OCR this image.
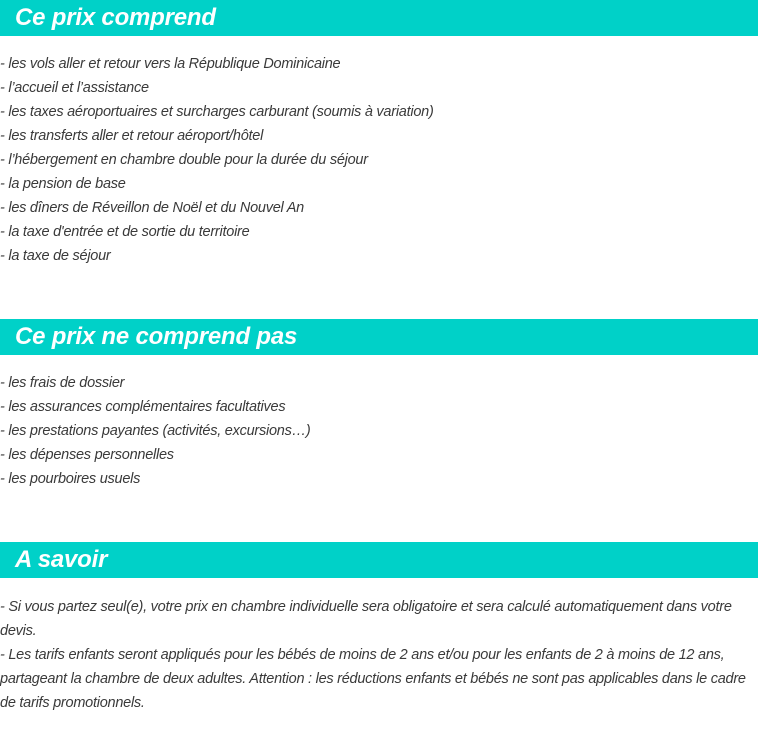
Ce prix comprend
- les vols aller et retour vers la République Dominicaine
- l’accueil et l’assistance
- les taxes aéroportuaires et surcharges carburant (soumis à variation)
- les transferts aller et retour aéroport/hôtel
- l’hébergement en chambre double pour la durée du séjour
- la pension de base
- les dîners de Réveillon de Noël et du Nouvel An
- la taxe d'entrée et de sortie du territoire
- la taxe de séjour
Ce prix ne comprend pas
- les frais de dossier
- les assurances complémentaires facultatives
- les prestations payantes (activités, excursions…)
- les dépenses personnelles
- les pourboires usuels
A savoir

- Si vous partez seul(e), votre prix en chambre individuelle sera obligatoire et sera calculé automatiquement dans votre devis.

- Les tarifs enfants seront appliqués pour les bébés de moins de 2 ans et/ou pour les enfants de 2 à moins de 12 ans, partageant la chambre de deux adultes. Attention : les réductions enfants et bébés ne sont pas applicables dans le cadre de tarifs promotionnels.
